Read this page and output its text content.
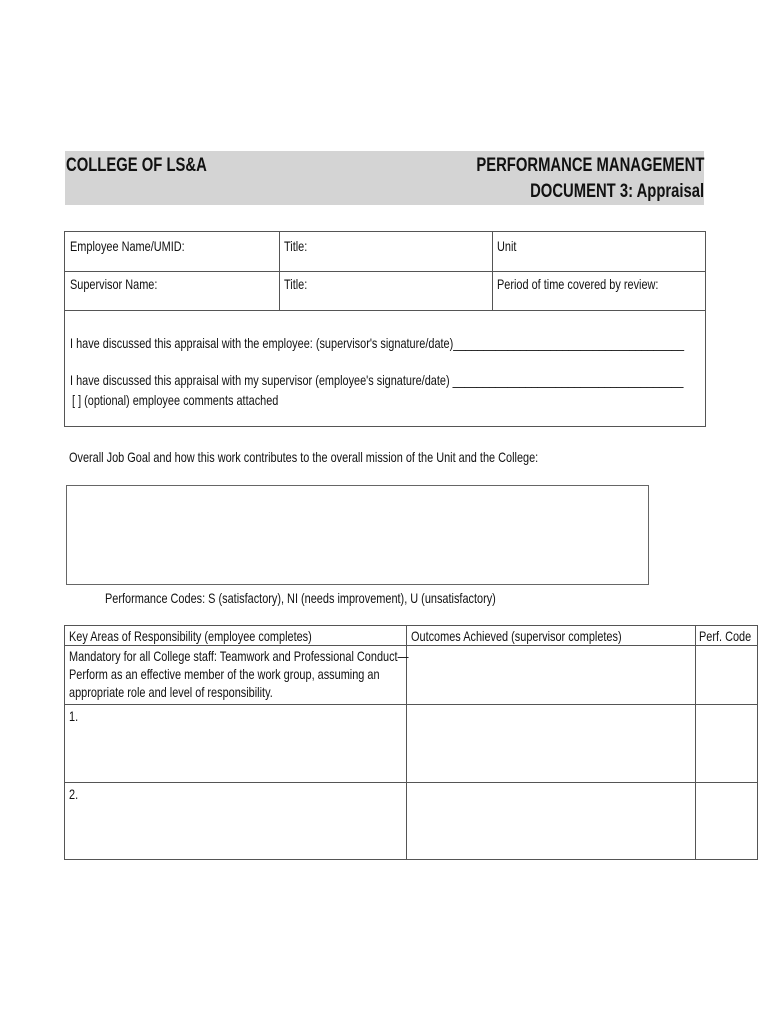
COLLEGE OF LS&A	PERFORMANCE MANAGEMENT
DOCUMENT 3: Appraisal
Employee Name/UMID:	Title:	Unit
Supervisor Name:	Title:	Period of time covered by review:
I have discussed this appraisal with the employee: (supervisor's signature/date)______________________________________
I have discussed this appraisal with my supervisor (employee's signature/date) ______________________________________
[ ] (optional) employee comments attached
Overall Job Goal and how this work contributes to the overall mission of the Unit and the College:
Performance Codes: S (satisfactory), NI (needs improvement), U (unsatisfactory)
Key Areas of Responsibility (employee completes)	Outcomes Achieved (supervisor completes)	Perf. Code
Mandatory for all College staff: Teamwork and Professional Conduct—
Perform as an effective member of the work group, assuming an
appropriate role and level of responsibility.
1.
2.
